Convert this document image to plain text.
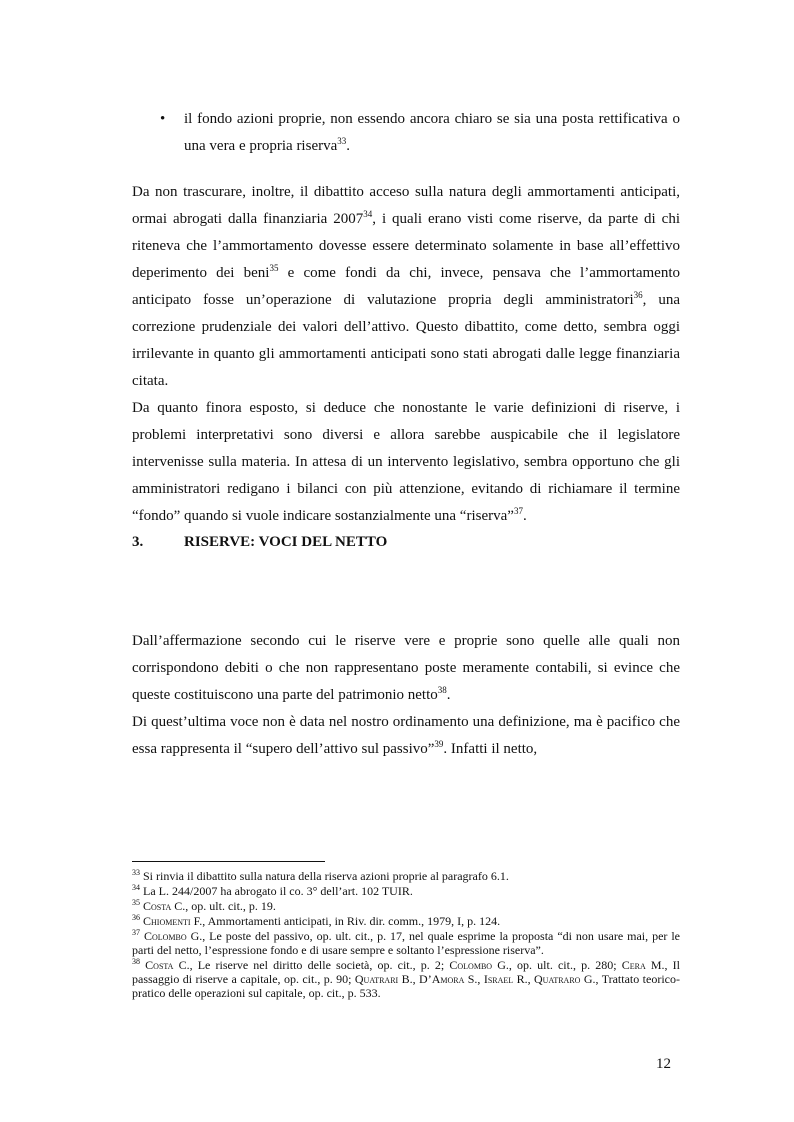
•	il fondo azioni proprie, non essendo ancora chiaro se sia una posta rettificativa o una vera e propria riserva$^{33}$.

Da non trascurare, inoltre, il dibattito acceso sulla natura degli ammortamenti anticipati, ormai abrogati dalla finanziaria 2007$^{34}$, i quali erano visti come riserve, da parte di chi riteneva che l’ammortamento dovesse essere determinato solamente in base all’effettivo deperimento dei beni$^{35}$ e come fondi da chi, invece, pensava che l’ammortamento anticipato fosse un’operazione di valutazione propria degli amministratori$^{36}$, una correzione prudenziale dei valori dell’attivo. Questo dibattito, come detto, sembra oggi irrilevante in quanto gli ammortamenti anticipati sono stati abrogati dalle legge finanziaria citata.

Da quanto finora esposto, si deduce che nonostante le varie definizioni di riserve, i problemi interpretativi sono diversi e allora sarebbe auspicabile che il legislatore intervenisse sulla materia. In attesa di un intervento legislativo, sembra opportuno che gli amministratori redigano i bilanci con più attenzione, evitando di richiamare il termine “fondo” quando si vuole indicare sostanzialmente una “riserva”$^{37}$.

3.	RISERVE: VOCI DEL NETTO

Dall’affermazione secondo cui le riserve vere e proprie sono quelle alle quali non corrispondono debiti o che non rappresentano poste meramente contabili, si evince che queste costituiscono una parte del patrimonio netto$^{38}$.

Di quest’ultima voce non è data nel nostro ordinamento una definizione, ma è pacifico che essa rappresenta il “supero dell’attivo sul passivo”$^{39}$. Infatti il netto,

$^{33}$ Si rinvia il dibattito sulla natura della riserva azioni proprie al paragrafo 6.1.

$^{34}$ La L. 244/2007 ha abrogato il co. 3° dell’art. 102 TUIR.

$^{35}$ Costa C., op. ult. cit., p. 19.

$^{36}$ Chiomenti F., Ammortamenti anticipati, in Riv. dir. comm., 1979, I, p. 124.

$^{37}$ Colombo G., Le poste del passivo, op. ult. cit., p. 17, nel quale esprime la proposta “di non usare mai, per le parti del netto, l’espressione fondo e di usare sempre e soltanto l’espressione riserva”.

$^{38}$ Costa C., Le riserve nel diritto delle società, op. cit., p. 2; Colombo G., op. ult. cit., p. 280; Cera M., Il passaggio di riserve a capitale, op. cit., p. 90; Quatrari B., D’Amora S., Israel R., Quatraro G., Trattato teorico-pratico delle operazioni sul capitale, op. cit., p. 533.

12
